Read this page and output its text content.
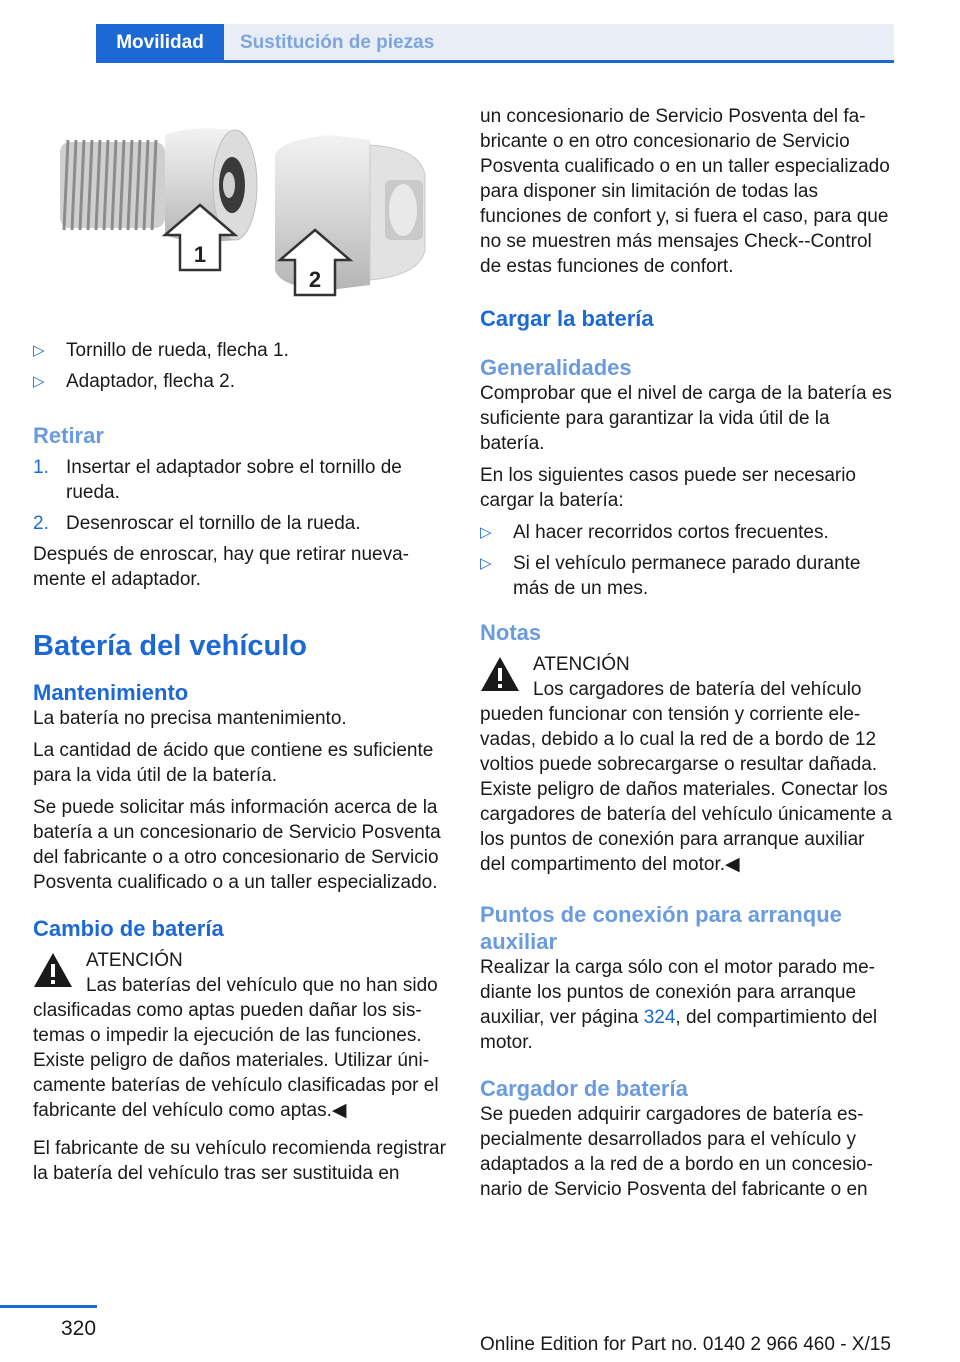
Movilidad	Sustitución de piezas
1
2
▷ Tornillo de rueda, flecha 1.
▷ Adaptador, flecha 2.
Retirar
1. Insertar el adaptador sobre el tornillo de rueda.
2. Desenroscar el tornillo de la rueda.

Después de enroscar, hay que retirar nuevamente el adaptador.

Batería del vehículo
Mantenimiento

La batería no precisa mantenimiento.

La cantidad de ácido que contiene es suficiente para la vida útil de la batería.

Se puede solicitar más información acerca de la batería a un concesionario de Servicio Posventa del fabricante o a otro concesionario de Servicio Posventa cualificado o a un taller especializado.

Cambio de batería

ATENCIÓN

Las baterías del vehículo que no han sido clasificadas como aptas pueden dañar los sistemas o impedir la ejecución de las funciones. Existe peligro de daños materiales. Utilizar únicamente baterías de vehículo clasificadas por el fabricante del vehículo como aptas.◀

El fabricante de su vehículo recomienda registrar la batería del vehículo tras ser sustituida en

un concesionario de Servicio Posventa del fabricante o en otro concesionario de Servicio Posventa cualificado o en un taller especializado para disponer sin limitación de todas las funciones de confort y, si fuera el caso, para que no se muestren más mensajes Check--Control de estas funciones de confort.

Cargar la batería
Generalidades

Comprobar que el nivel de carga de la batería es suficiente para garantizar la vida útil de la batería.

En los siguientes casos puede ser necesario cargar la batería:

▷ Al hacer recorridos cortos frecuentes.
▷ Si el vehículo permanece parado durante más de un mes.
Notas

ATENCIÓN

Los cargadores de batería del vehículo pueden funcionar con tensión y corriente elevadas, debido a lo cual la red de a bordo de 12 voltios puede sobrecargarse o resultar dañada. Existe peligro de daños materiales. Conectar los cargadores de batería del vehículo únicamente a los puntos de conexión para arranque auxiliar del compartimento del motor.◀

Puntos de conexión para arranque auxiliar

Realizar la carga sólo con el motor parado mediante los puntos de conexión para arranque auxiliar, ver página 324, del compartimiento del motor.

Cargador de batería

Se pueden adquirir cargadores de batería especialmente desarrollados para el vehículo y adaptados a la red de a bordo en un concesionario de Servicio Posventa del fabricante o en

320
Online Edition for Part no. 0140 2 966 460 - X/15
